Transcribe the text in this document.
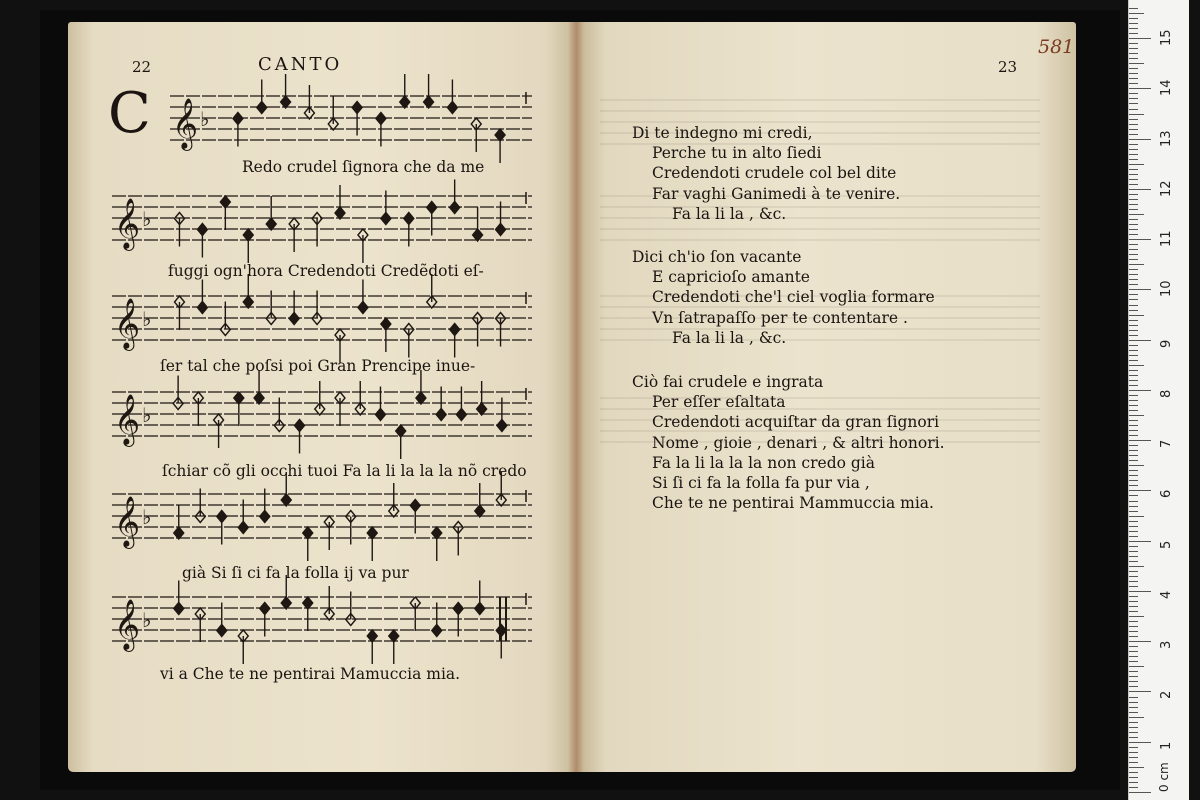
22	CANTO
C 𝄞 ♭
𝄞 ♭
𝄞 ♭
𝄞 ♭
𝄞 ♭
𝄞 ♭
Redo crudel ſignora che da me
fuggi ogn'hora Credendoti Credẽdoti eſ-
ſer tal che poſsi poi Gran Prencipe inue-
ſchiar cõ gli occhi tuoi Fa la li la la la nõ credo
già Si ſi ci fa la folla ij va pur
vi a Che te ne pentirai Mamuccia mia.
23
581
Di te indegno mi credi,
Perche tu in alto ſiedi
Credendoti crudele col bel dite
Far vaghi Ganimedi à te venire.
Fa la li la , &c.
Dici ch'io ſon vacante
E capricioſo amante
Credendoti che'l ciel voglia formare
Vn ſatrapaſſo per te contentare .
Fa la li la , &c.
Ciò fai crudele e ingrata
Per eſſer eſaltata
Credendoti acquiſtar da gran ſignori
Nome , gioie , denari , & altri honori.
Fa la li la la la non credo già
Si ſi ci fa la folla fa pur via ,
Che te ne pentirai Mammuccia mia.
0 cm
1
2
3
4
5
6
7
8
9
10
11
12
13
14
15
